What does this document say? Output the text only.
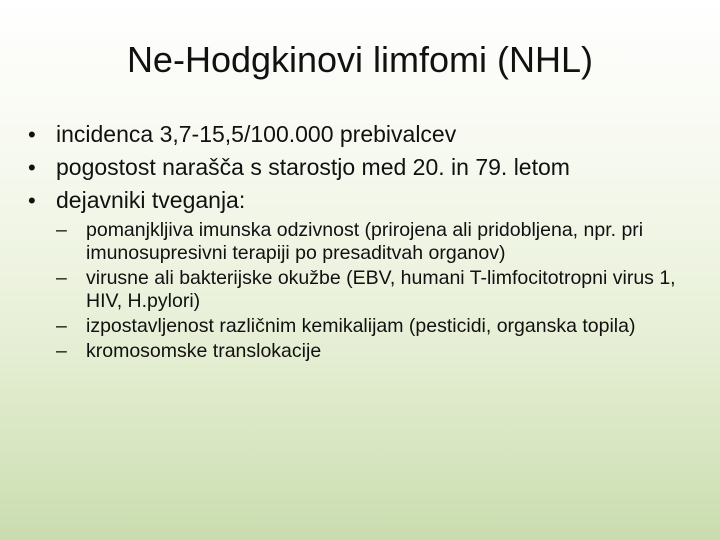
Ne-Hodgkinovi limfomi (NHL)
• incidenca 3,7-15,5/100.000 prebivalcev
• pogostost narašča s starostjo med 20. in 79. letom
• dejavniki tveganja:
– pomanjkljiva imunska odzivnost (prirojena ali pridobljena, npr. pri imunosupresivni terapiji po presaditvah organov)
– virusne ali bakterijske okužbe (EBV, humani T-limfocitotropni virus 1, HIV, H.pylori)
– izpostavljenost različnim kemikalijam (pesticidi, organska topila)
– kromosomske translokacije
